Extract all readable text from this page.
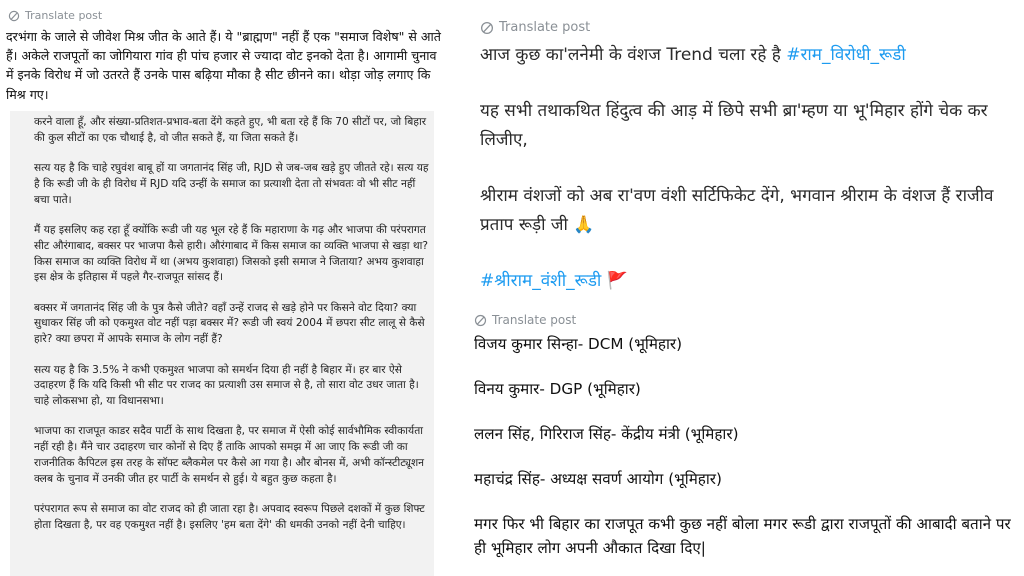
Translate post

दरभंगा के जाले से जीवेश मिश्र जीत के आते हैं। ये "ब्राह्मण" नहीं हैं एक "समाज विशेष" से आते हैं। अकेले राजपूतों का जोगियारा गांव ही पांच हजार से ज्यादा वोट इनको देता है। आगामी चुनाव में इनके विरोध में जो उतरते हैं उनके पास बढ़िया मौका है सीट छीनने का। थोड़ा जोड़ लगाए कि मिश्र गए।

करने वाला हूँ, और संख्या-प्रतिशत-प्रभाव-बता देंगे कहते हुए, भी बता रहे हैं कि 70 सीटों पर, जो बिहार की कुल सीटों का एक चौथाई है, वो जीत सकते हैं, या जिता सकते हैं।

सत्य यह है कि चाहे रघुवंश बाबू हों या जगतानंद सिंह जी, RJD से जब-जब खड़े हुए जीतते रहे। सत्य यह है कि रूडी जी के ही विरोध में RJD यदि उन्हीं के समाज का प्रत्याशी देता तो संभवतः वो भी सीट नहीं बचा पाते।

मैं यह इसलिए कह रहा हूँ क्योंकि रूडी जी यह भूल रहे हैं कि महाराणा के गढ़ और भाजपा की परंपरागत सीट औरंगाबाद, बक्सर पर भाजपा कैसे हारी। औरंगाबाद में किस समाज का व्यक्ति भाजपा से खड़ा था? किस समाज का व्यक्ति विरोध में था (अभय कुशवाहा) जिसको इसी समाज ने जिताया? अभय कुशवाहा इस क्षेत्र के इतिहास में पहले गैर-राजपूत सांसद हैं।

बक्सर में जगतानंद सिंह जी के पुत्र कैसे जीते? वहाँ उन्हें राजद से खड़े होने पर किसने वोट दिया? क्या सुधाकर सिंह जी को एकमुश्त वोट नहीं पड़ा बक्सर में? रूडी जी स्वयं 2004 में छपरा सीट लालू से कैसे हारे? क्या छपरा में आपके समाज के लोग नहीं हैं?

सत्य यह है कि 3.5% ने कभी एकमुश्त भाजपा को समर्थन दिया ही नहीं है बिहार में। हर बार ऐसे उदाहरण हैं कि यदि किसी भी सीट पर राजद का प्रत्याशी उस समाज से है, तो सारा वोट उधर जाता है। चाहे लोकसभा हो, या विधानसभा।

भाजपा का राजपूत काडर सदैव पार्टी के साथ दिखता है, पर समाज में ऐसी कोई सार्वभौमिक स्वीकार्यता नहीं रही है। मैंने चार उदाहरण चार कोनों से दिए हैं ताकि आपको समझ में आ जाए कि रूडी जी का राजनीतिक कैपिटल इस तरह के सॉफ्ट ब्लैकमेल पर कैसे आ गया है। और बोनस में, अभी कॉन्स्टीट्यूशन क्लब के चुनाव में उनकी जीत हर पार्टी के समर्थन से हुई। ये बहुत कुछ कहता है।

परंपरागत रूप से समाज का वोट राजद को ही जाता रहा है। अपवाद स्वरूप पिछले दशकों में कुछ शिफ्ट होता दिखता है, पर वह एकमुश्त नहीं है। इसलिए 'हम बता देंगे' की धमकी उनको नहीं देनी चाहिए।

Translate post

आज कुछ का'लनेमी के वंशज Trend चला रहे है #राम_विरोधी_रूडी

यह सभी तथाकथित हिंदुत्व की आड़ में छिपे सभी ब्रा'म्हण या भू'मिहार होंगे चेक कर लिजीए,

श्रीराम वंशजों को अब रा'वण वंशी सर्टिफिकेट देंगे, भगवान श्रीराम के वंशज हैं राजीव प्रताप रूड़ी जी 🙏

#श्रीराम_वंशी_रूडी 🚩

Translate post

विजय कुमार सिन्हा- DCM (भूमिहार)

विनय कुमार- DGP (भूमिहार)

ललन सिंह, गिरिराज सिंह- केंद्रीय मंत्री (भूमिहार)

महाचंद्र सिंह- अध्यक्ष सवर्ण आयोग (भूमिहार)

मगर फिर भी बिहार का राजपूत कभी कुछ नहीं बोला मगर रूडी द्वारा राजपूतों की आबादी बताने पर ही भूमिहार लोग अपनी औकात दिखा दिए|
